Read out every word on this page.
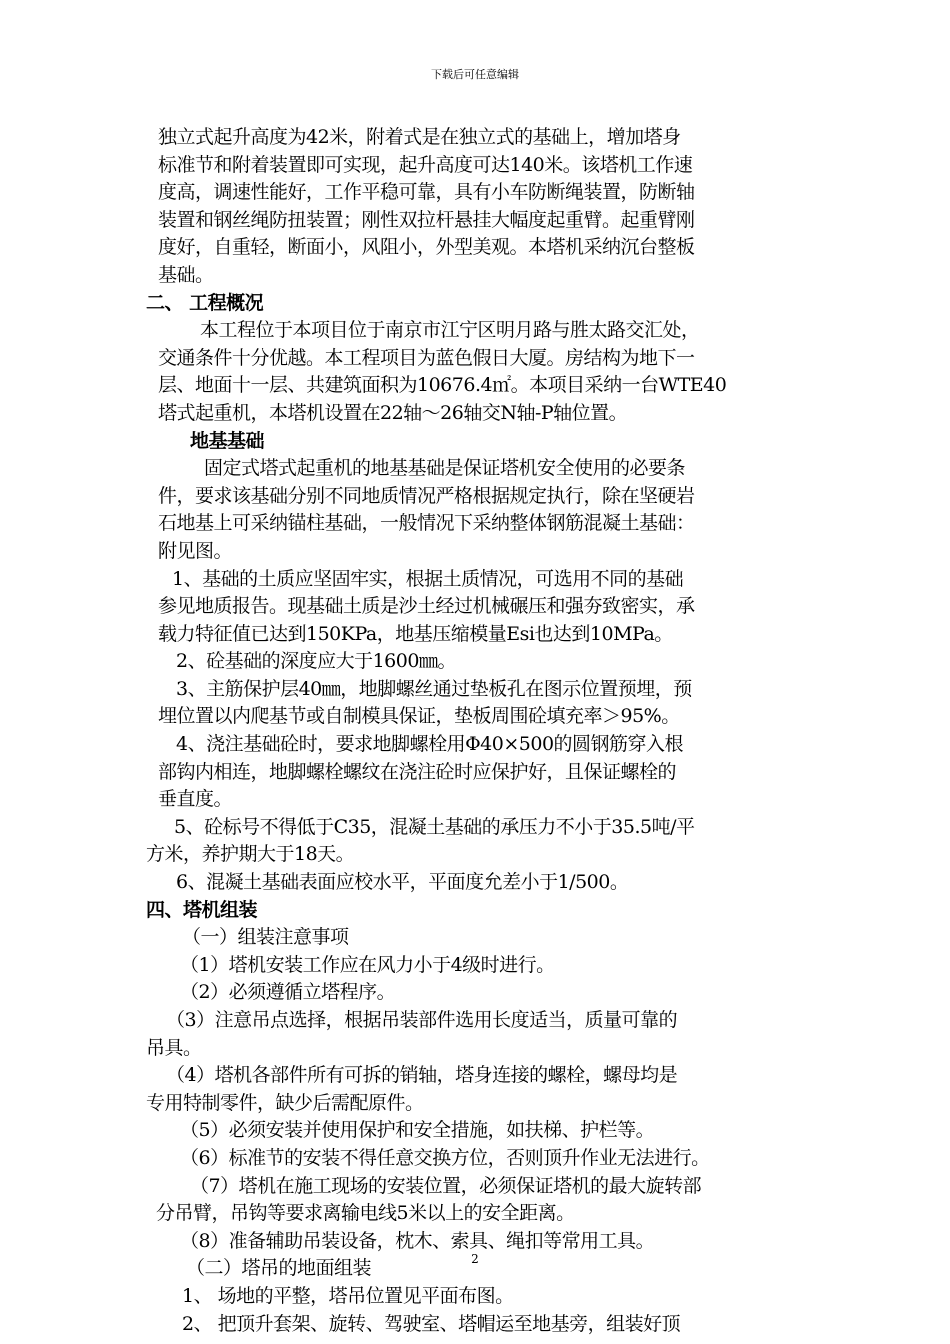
下载后可任意编辑
独立式起升高度为42米，附着式是在独立式的基础上，增加塔身
标准节和附着装置即可实现，起升高度可达140米。该塔机工作速
度高，调速性能好，工作平稳可靠，具有小车防断绳装置，防断轴
装置和钢丝绳防扭装置；刚性双拉杆悬挂大幅度起重臂。起重臂刚
度好，自重轻，断面小，风阻小，外型美观。本塔机采纳沉台整板
基础。
二、 工程概况
本工程位于本项目位于南京市江宁区明月路与胜太路交汇处，
交通条件十分优越。本工程项目为蓝色假日大厦。房结构为地下一
层、地面十一层、共建筑面积为10676.4㎡。本项目采纳一台WTE40
塔式起重机，本塔机设置在22轴～26轴交N轴-P轴位置。
地基基础
固定式塔式起重机的地基基础是保证塔机安全使用的必要条
件，要求该基础分别不同地质情况严格根据规定执行，除在坚硬岩
石地基上可采纳锚柱基础，一般情况下采纳整体钢筋混凝土基础：
附见图。
1、基础的土质应坚固牢实，根据土质情况，可选用不同的基础
参见地质报告。现基础土质是沙土经过机械碾压和强夯致密实，承
载力特征值已达到150KPa，地基压缩模量Esi也达到10MPa。
2、砼基础的深度应大于1600㎜。
3、主筋保护层40㎜，地脚螺丝通过垫板孔在图示位置预埋，预
埋位置以内爬基节或自制模具保证，垫板周围砼填充率＞95%。
4、浇注基础砼时，要求地脚螺栓用Φ40×500的圆钢筋穿入根
部钩内相连，地脚螺栓螺纹在浇注砼时应保护好，且保证螺栓的
垂直度。
5、砼标号不得低于C35，混凝土基础的承压力不小于35.5吨/平
方米，养护期大于18天。
6、混凝土基础表面应校水平，平面度允差小于1/500。
四、塔机组装
（一）组装注意事项
（1）塔机安装工作应在风力小于4级时进行。
（2）必须遵循立塔程序。
（3）注意吊点选择，根据吊装部件选用长度适当，质量可靠的
吊具。
（4）塔机各部件所有可拆的销轴，塔身连接的螺栓，螺母均是
专用特制零件，缺少后需配原件。
（5）必须安装并使用保护和安全措施，如扶梯、护栏等。
（6）标准节的安装不得任意交换方位，否则顶升作业无法进行。
（7）塔机在施工现场的安装位置，必须保证塔机的最大旋转部
分吊臂，吊钩等要求离输电线5米以上的安全距离。
（8）准备辅助吊装设备，枕木、索具、绳扣等常用工具。
（二）塔吊的地面组装
1、 场地的平整，塔吊位置见平面布图。
2、 把顶升套架、旋转、驾驶室、塔帽运至地基旁，组装好顶
2
